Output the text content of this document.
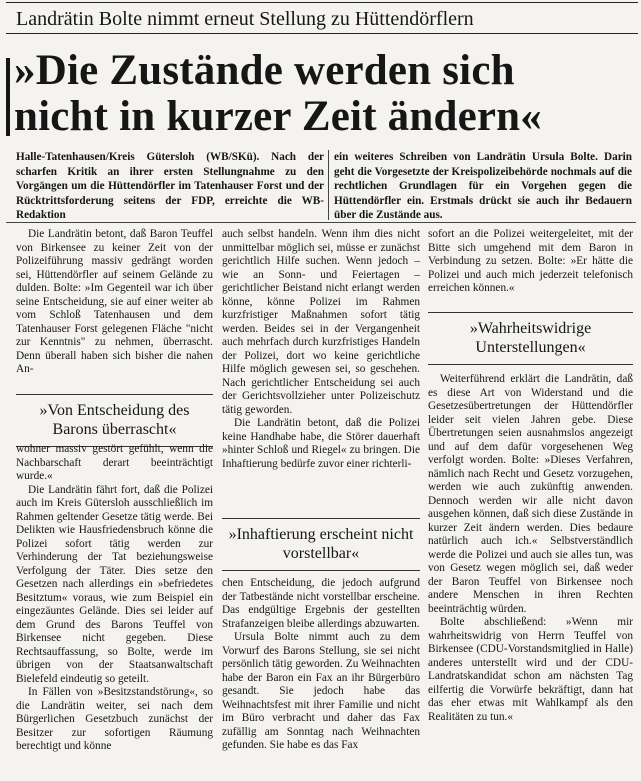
Landrätin Bolte nimmt erneut Stellung zu Hüttendörflern
»Die Zustände werden sich
nicht in kurzer Zeit ändern«
Halle-Tatenhausen/Kreis Gütersloh (WB/SKü). Nach der scharfen Kritik an ihrer ersten Stellungnahme zu den Vorgängen um die Hüttendörfler im Tatenhauser Forst und der Rücktrittsforderung seitens der FDP, erreichte die WB-Redaktion
ein weiteres Schreiben von Landrätin Ursula Bolte. Darin geht die Vorgesetzte der Kreispolizeibehörde nochmals auf die rechtlichen Grundlagen für ein Vorgehen gegen die Hüttendörfler ein. Erstmals drückt sie auch ihr Bedauern über die Zustände aus.

Die Landrätin betont, daß Baron Teuffel von Birkensee zu keiner Zeit von der Polizeiführung massiv gedrängt worden sei, Hüttendörfler auf seinem Gelände zu dulden. Bolte: »Im Gegenteil war ich über seine Entscheidung, sie auf einer weiter ab vom Schloß Tatenhausen und dem Tatenhauser Forst gelegenen Fläche "nicht zur Kenntnis" zu nehmen, überrascht. Denn überall haben sich bisher die nahen An-

»Von Entscheidung des Barons überrascht«

wohner massiv gestört gefühlt, wenn die Nachbarschaft derart beeinträchtigt wurde.«

Die Landrätin fährt fort, daß die Polizei auch im Kreis Gütersloh ausschließlich im Rahmen geltender Gesetze tätig werde. Bei Delikten wie Hausfriedensbruch könne die Polizei sofort tätig werden zur Verhinderung der Tat beziehungsweise Verfolgung der Täter. Dies setze den Gesetzen nach allerdings ein »befriedetes Besitztum« voraus, wie zum Beispiel ein eingezäuntes Gelände. Dies sei leider auf dem Grund des Barons Teuffel von Birkensee nicht gegeben. Diese Rechtsauffassung, so Bolte, werde im übrigen von der Staatsanwaltschaft Bielefeld eindeutig so geteilt.

In Fällen von »Besitzstandstörung«, so die Landrätin weiter, sei nach dem Bürgerlichen Gesetzbuch zunächst der Besitzer zur sofortigen Räumung berechtigt und könne

auch selbst handeln. Wenn ihm dies nicht unmittelbar möglich sei, müsse er zunächst gerichtlich Hilfe suchen. Wenn jedoch – wie an Sonn- und Feiertagen – gerichtlicher Beistand nicht erlangt werden könne, könne Polizei im Rahmen kurzfristiger Maßnahmen sofort tätig werden. Beides sei in der Vergangenheit auch mehrfach durch kurzfristiges Handeln der Polizei, dort wo keine gerichtliche Hilfe möglich gewesen sei, so geschehen. Nach gerichtlicher Entscheidung sei auch der Gerichtsvollzieher unter Polizeischutz tätig geworden.

Die Landrätin betont, daß die Polizei keine Handhabe habe, die Störer dauerhaft »hinter Schloß und Riegel« zu bringen. Die Inhaftierung bedürfe zuvor einer richterli-

»Inhaftierung erscheint nicht vorstellbar«

chen Entscheidung, die jedoch aufgrund der Tatbestände nicht vorstellbar erscheine. Das endgültige Ergebnis der gestellten Strafanzeigen bleibe allerdings abzuwarten.

Ursula Bolte nimmt auch zu dem Vorwurf des Barons Stellung, sie sei nicht persönlich tätig geworden. Zu Weihnachten habe der Baron ein Fax an ihr Bürgerbüro gesandt. Sie jedoch habe das Weihnachtsfest mit ihrer Familie und nicht im Büro verbracht und daher das Fax zufällig am Sonntag nach Weihnachten gefunden. Sie habe es das Fax

sofort an die Polizei weitergeleitet, mit der Bitte sich umgehend mit dem Baron in Verbindung zu setzen. Bolte: »Er hätte die Polizei und auch mich jederzeit telefonisch erreichen können.«

»Wahrheitswidrige Unterstellungen«

Weiterführend erklärt die Landrätin, daß es diese Art von Widerstand und die Gesetzesübertretungen der Hüttendörfler leider seit vielen Jahren gebe. Diese Übertretungen seien ausnahmslos angezeigt und auf dem dafür vorgesehenen Weg verfolgt worden. Bolte: »Dieses Verfahren, nämlich nach Recht und Gesetz vorzugehen, werden wie auch zukünftig anwenden. Dennoch werden wir alle nicht davon ausgehen können, daß sich diese Zustände in kurzer Zeit ändern werden. Dies bedaure natürlich auch ich.« Selbstverständlich werde die Polizei und auch sie alles tun, was von Gesetz wegen möglich sei, daß weder der Baron Teuffel von Birkensee noch andere Menschen in ihren Rechten beeinträchtig würden.

Bolte abschließend: »Wenn mir wahrheitswidrig von Herrn Teuffel von Birkensee (CDU-Vorstandsmitglied in Halle) anderes unterstellt wird und der CDU-Landratskandidat schon am nächsten Tag eilfertig die Vorwürfe bekräftigt, dann hat das eher etwas mit Wahlkampf als den Realitäten zu tun.«
